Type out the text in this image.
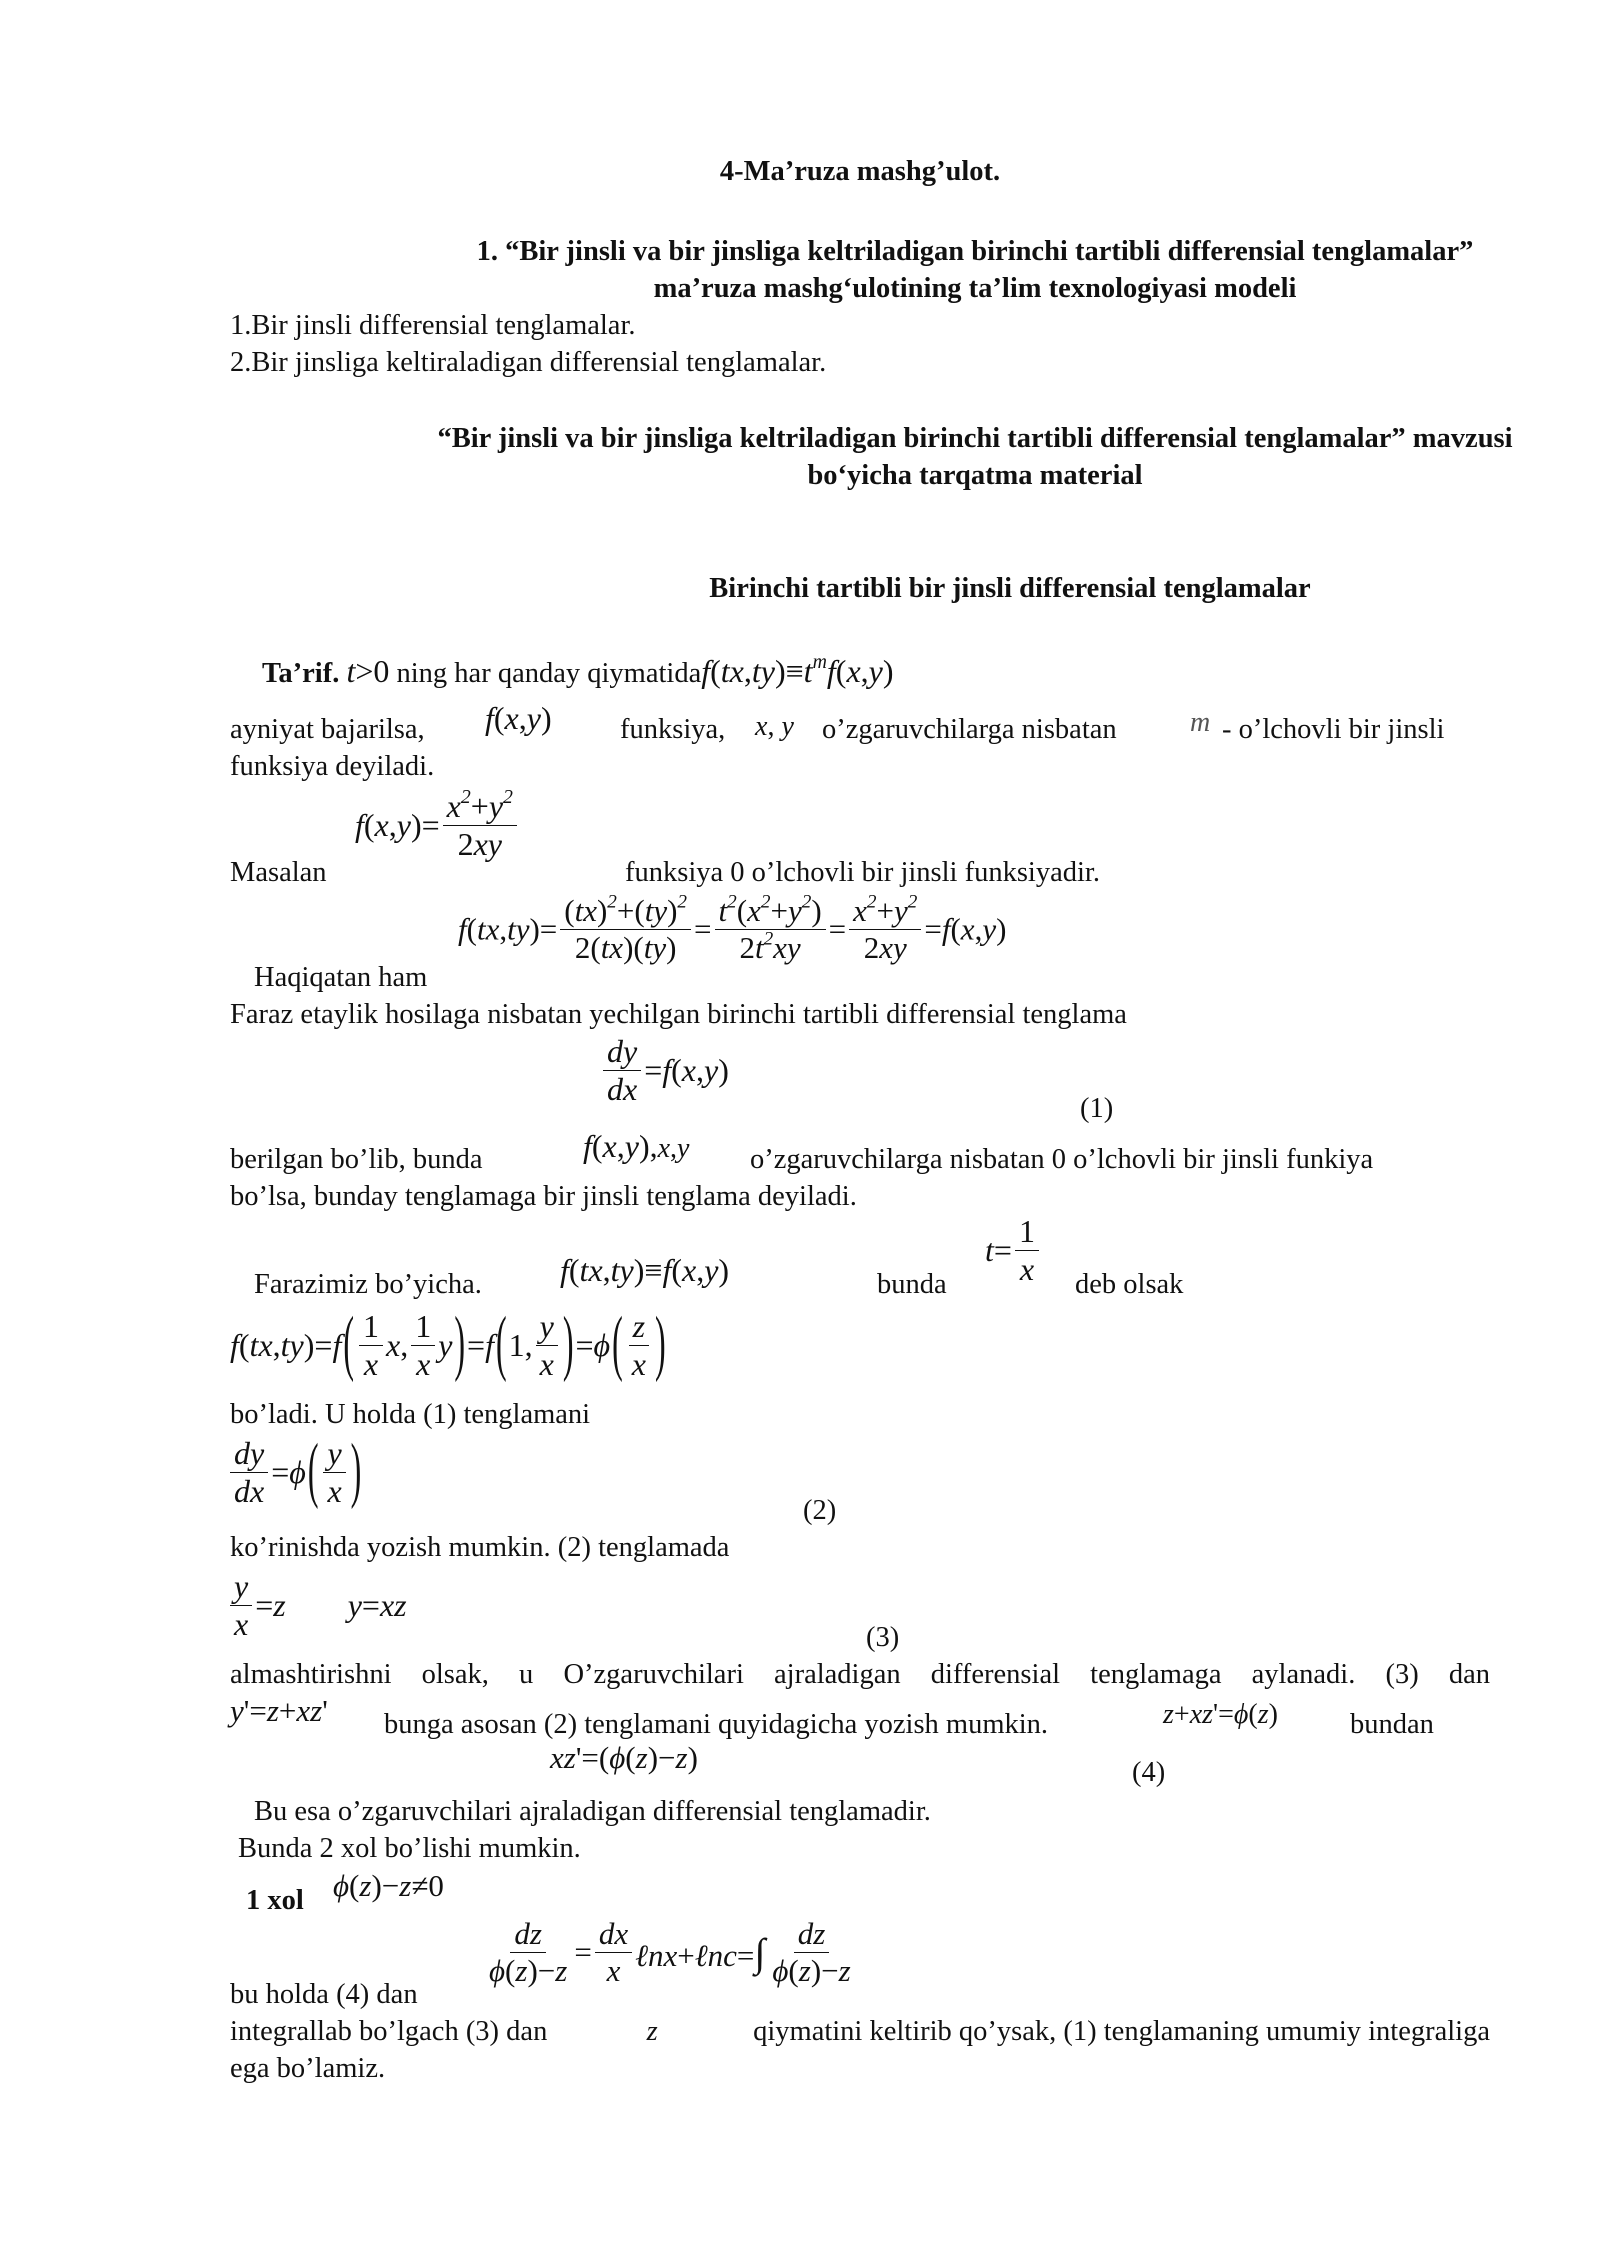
4-Ma’ruza mashg’ulot.
1. “Bir jinsli va bir jinsliga keltriladigan birinchi tartibli differensial tenglamalar”
ma’ruza mashg‘ulotining ta’lim texnologiyasi modeli
1.Bir jinsli differensial tenglamalar.
2.Bir jinsliga keltiraladigan differensial tenglamalar.
“Bir jinsli va bir jinsliga keltriladigan birinchi tartibli differensial tenglamalar” mavzusi
bo‘yicha tarqatma material
Birinchi tartibli bir jinsli differensial tenglamalar
Ta’rif. t>0 ning har qanday $qiymatidaf(tx,ty)\equiv t^mf(x,y)$
ayniyat bajarilsa, f(x,y) funksiya, x, y o’zgaruvchilarga nisbatan	m - o’lchovli bir jinsli
funksiya deyiladi.
$f(x,y)= \frac{x^2+y^2}{2xy}$
Masalan	funksiya 0 o’lchovli bir jinsli funksiyadir.
$f(tx,ty)= \frac{(tx)^2+(ty)^2}{2(tx)(ty)} = \frac{t^2(x^2+y^2)}{2t^2xy} = \frac{x^2+y^2}{2xy} =f(x,y)$
Haqiqatan ham
Faraz etaylik hosilaga nisbatan yechilgan birinchi tartibli differensial tenglama
$\frac{dy}{dx} =f(x,y)$
(1)
berilgan bo’lib, bunda	f(x,y),x,y o’zgaruvchilarga nisbatan 0 o’lchovli bir jinsli funkiya
bo’lsa, bunday tenglamaga bir jinsli tenglama deyiladi.
Farazimiz bo’yicha. f(tx,ty)≡f(x,y)	bunda
$t= \frac{1}{x}$ deb olsak
$f(tx,ty)=f( \frac{1}{x} x$, $\frac{1}{x} y)=f(1$, $\frac{y}{x} )=\phi( \frac{z}{x}$ )
bo’ladi. U holda (1) tenglamani
$\frac{dy}{dx} =\phi( \frac{y}{x}$ )
(2)
ko’rinishda yozish mumkin. (2) tenglamada
$\frac{y}{x} =z$ y=xz
(3)
almashtirishni olsak, u O’zgaruvchilari ajraladigan differensial tenglamaga aylanadi. (3) dan
y'=z+xz' bunga asosan (2) tenglamani quyidagicha yozish mumkin.	z+xz'=ϕ(z)	bundan
xz'=(ϕ(z)−z)	(4)
Bu esa o’zgaruvchilari ajraladigan differensial tenglamadir.
Bunda 2 xol bo’lishi mumkin.
1 xol ϕ(z)−z≠0
$\frac{dz}{\phi(z)-z} = \frac{dx}{x}$ ℓnx+ℓnc=∫ $\frac{dz}{\phi(z)-z}$
bu holda (4) dan
integrallab bo’lgach (3) dan	z	qiymatini keltirib qo’ysak, (1) tenglamaning umumiy integraliga
ega bo’lamiz.
